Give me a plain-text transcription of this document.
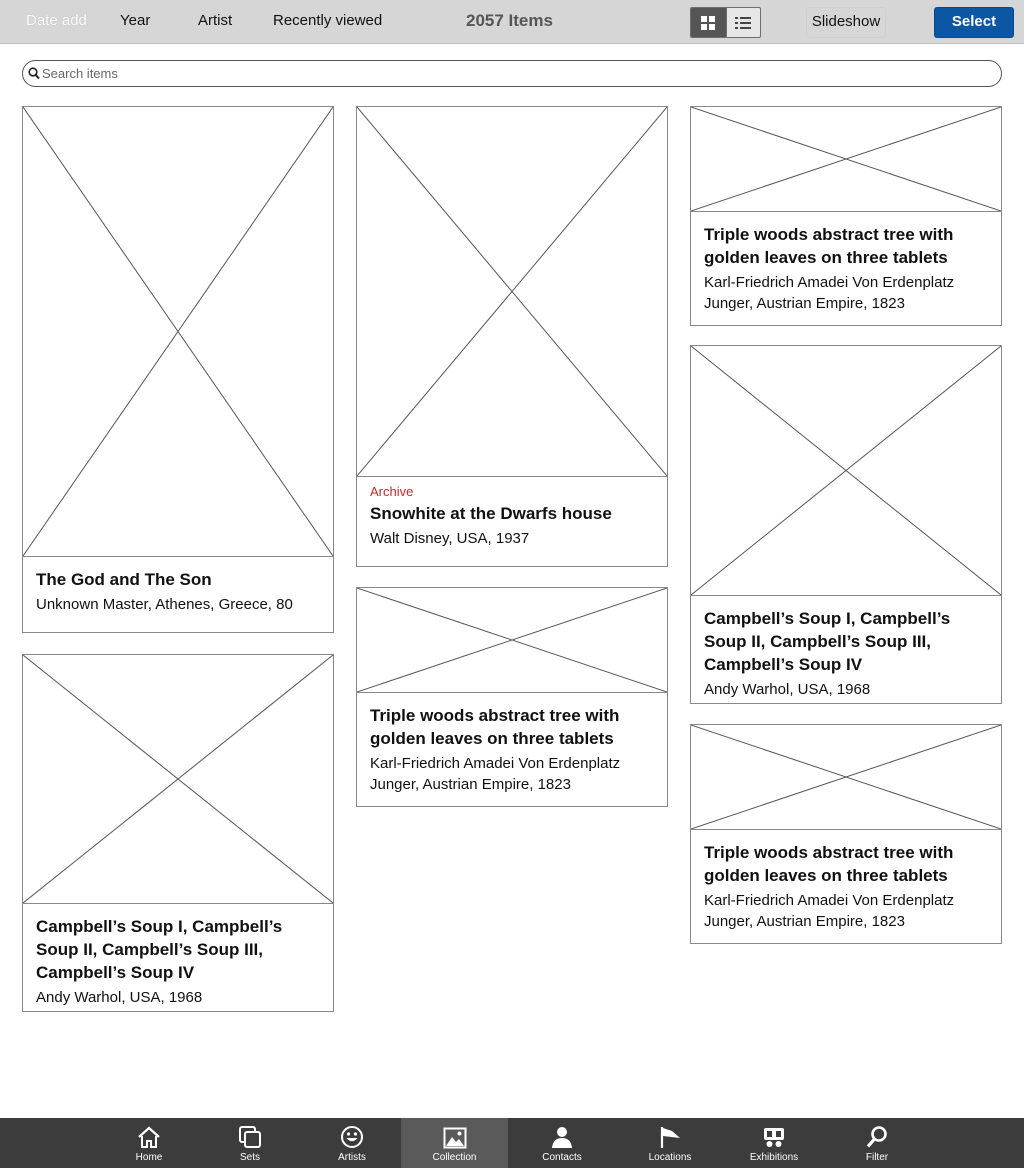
Date add Year	Artist	Recently viewed	2057 Items	Slideshow	Select
Search items
The God and The Son
Unknown Master, Athenes, Greece, 80
Campbell’s Soup I, Campbell’s Soup II, Campbell’s Soup III, Campbell’s Soup IV
Andy Warhol, USA, 1968
Archive
Snowhite at the Dwarfs house
Walt Disney, USA, 1937
Triple woods abstract tree with golden leaves on three tablets
Karl-Friedrich Amadei Von Erdenplatz Junger, Austrian Empire, 1823
Triple woods abstract tree with golden leaves on three tablets
Karl-Friedrich Amadei Von Erdenplatz Junger, Austrian Empire, 1823
Campbell’s Soup I, Campbell’s Soup II, Campbell’s Soup III, Campbell’s Soup IV
Andy Warhol, USA, 1968
Triple woods abstract tree with golden leaves on three tablets
Karl-Friedrich Amadei Von Erdenplatz Junger, Austrian Empire, 1823
Home	Sets	Artists	Collection	Contacts	Locations	Exhibitions	Filter
